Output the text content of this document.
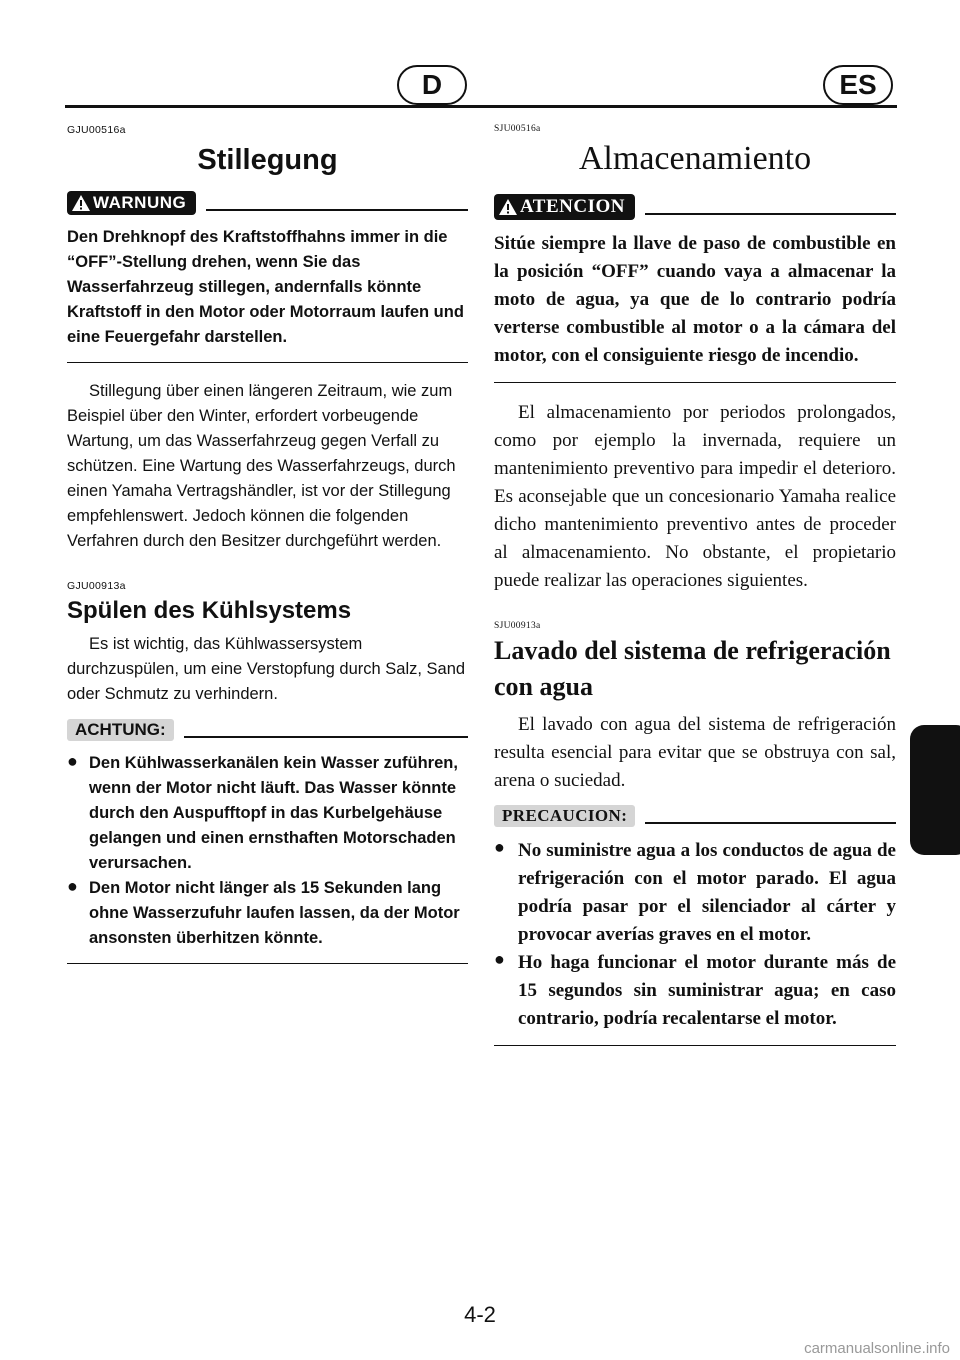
D	ES

GJU00516a

Stillegung
WARNUNG

Den Drehknopf des Kraftstoffhahns immer in die “OFF”-Stellung drehen, wenn Sie das Wasserfahrzeug stillegen, andernfalls könnte Kraftstoff in den Motor oder Motorraum laufen und eine Feuergefahr darstellen.

Stillegung über einen längeren Zeitraum, wie zum Beispiel über den Winter, erfordert vorbeugende Wartung, um das Wasserfahrzeug gegen Verfall zu schützen. Eine Wartung des Wasserfahrzeugs, durch einen Yamaha Vertragshändler, ist vor der Stillegung empfehlenswert. Jedoch können die folgenden Verfahren durch den Besitzer durchgeführt werden.

GJU00913a

Spülen des Kühlsystems

Es ist wichtig, das Kühlwassersystem durchzuspülen, um eine Verstopfung durch Salz, Sand oder Schmutz zu verhindern.

ACHTUNG:
● Den Kühlwasserkanälen kein Wasser zuführen, wenn der Motor nicht läuft. Das Wasser könnte durch den Auspufftopf in das Kurbelgehäuse gelangen und einen ernsthaften Motorschaden verursachen.

● Den Motor nicht länger als 15 Sekunden lang ohne Wasserzufuhr laufen lassen, da der Motor ansonsten überhitzen könnte.

SJU00516a

Almacenamiento
ATENCION

Sitúe siempre la llave de paso de combustible en la posición “OFF” cuando vaya a almacenar la moto de agua, ya que de lo contrario podría verterse combustible al motor o a la cámara del motor, con el consiguiente riesgo de incendio.

El almacenamiento por periodos prolongados, como por ejemplo la invernada, requiere un mantenimiento preventivo para impedir el deterioro. Es aconsejable que un concesionario Yamaha realice dicho mantenimiento preventivo antes de proceder al almacenamiento. No obstante, el propietario puede realizar las operaciones siguientes.

SJU00913a

Lavado del sistema de refrigeración con agua

El lavado con agua del sistema de refrigeración resulta esencial para evitar que se obstruya con sal, arena o suciedad.

PRECAUCION:
● No suministre agua a los conductos de agua de refrigeración con el motor parado. El agua podría pasar por el silenciador al cárter y provocar averías graves en el motor.

● Ho haga funcionar el motor durante más de 15 segundos sin suministrar agua; en caso contrario, podría recalentarse el motor.

4-2
carmanualsonline.info
